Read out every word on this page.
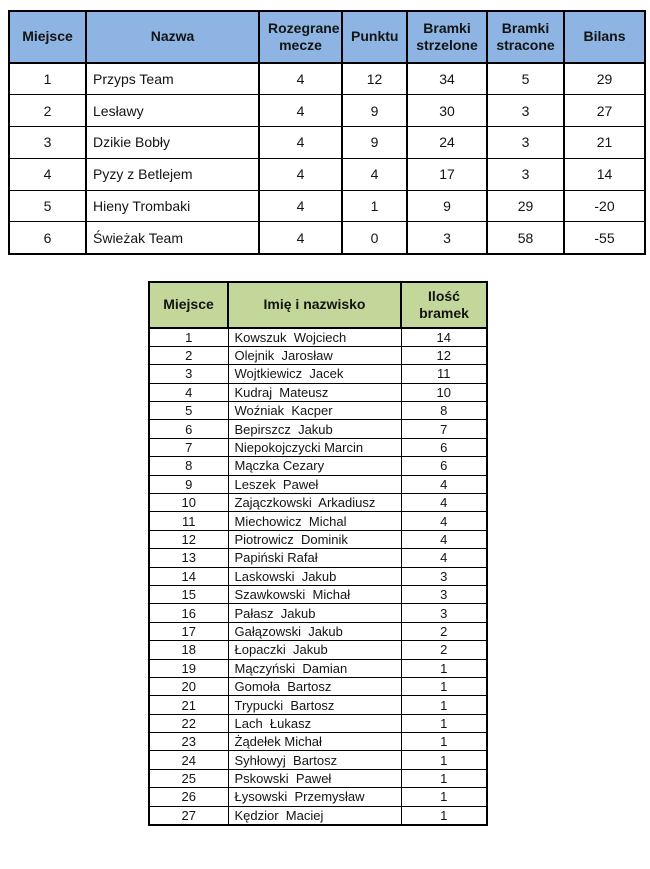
Miejsce	Nazwa	Rozegrane mecze	Punktu	Bramki strzelone	Bramki stracone	Bilans
1	Przyps Team	4	12	34	5	29
2	Lesławy	4	9	30	3	27
3	Dzikie Bobły	4	9	24	3	21
4	Pyzy z Betlejem	4	4	17	3	14
5	Hieny Trombaki	4	1	9	29	-20
6	Świeżak Team	4	0	3	58	-55
Miejsce	Imię i nazwisko	Ilość bramek
1	Kowszuk  Wojciech	14
2	Olejnik  Jarosław	12
3	Wojtkiewicz  Jacek	11
4	Kudraj  Mateusz	10
5	Woźniak  Kacper	8
6	Bepirszcz  Jakub	7
7	Niepokojczycki Marcin	6
8	Mączka Cezary	6
9	Leszek  Paweł	4
10	Zajączkowski  Arkadiusz	4
11	Miechowicz  Michal	4
12	Piotrowicz  Dominik	4
13	Papiński Rafał	4
14	Laskowski  Jakub	3
15	Szawkowski  Michał	3
16	Pałasz  Jakub	3
17	Gałązowski  Jakub	2
18	Łopaczki  Jakub	2
19	Mączyński  Damian	1
20	Gomoła  Bartosz	1
21	Trypucki  Bartosz	1
22	Lach  Łukasz	1
23	Żądełek Michał	1
24	Syhłowyj  Bartosz	1
25	Pskowski  Paweł	1
26	Łysowski  Przemysław	1
27	Kędzior  Maciej	1
